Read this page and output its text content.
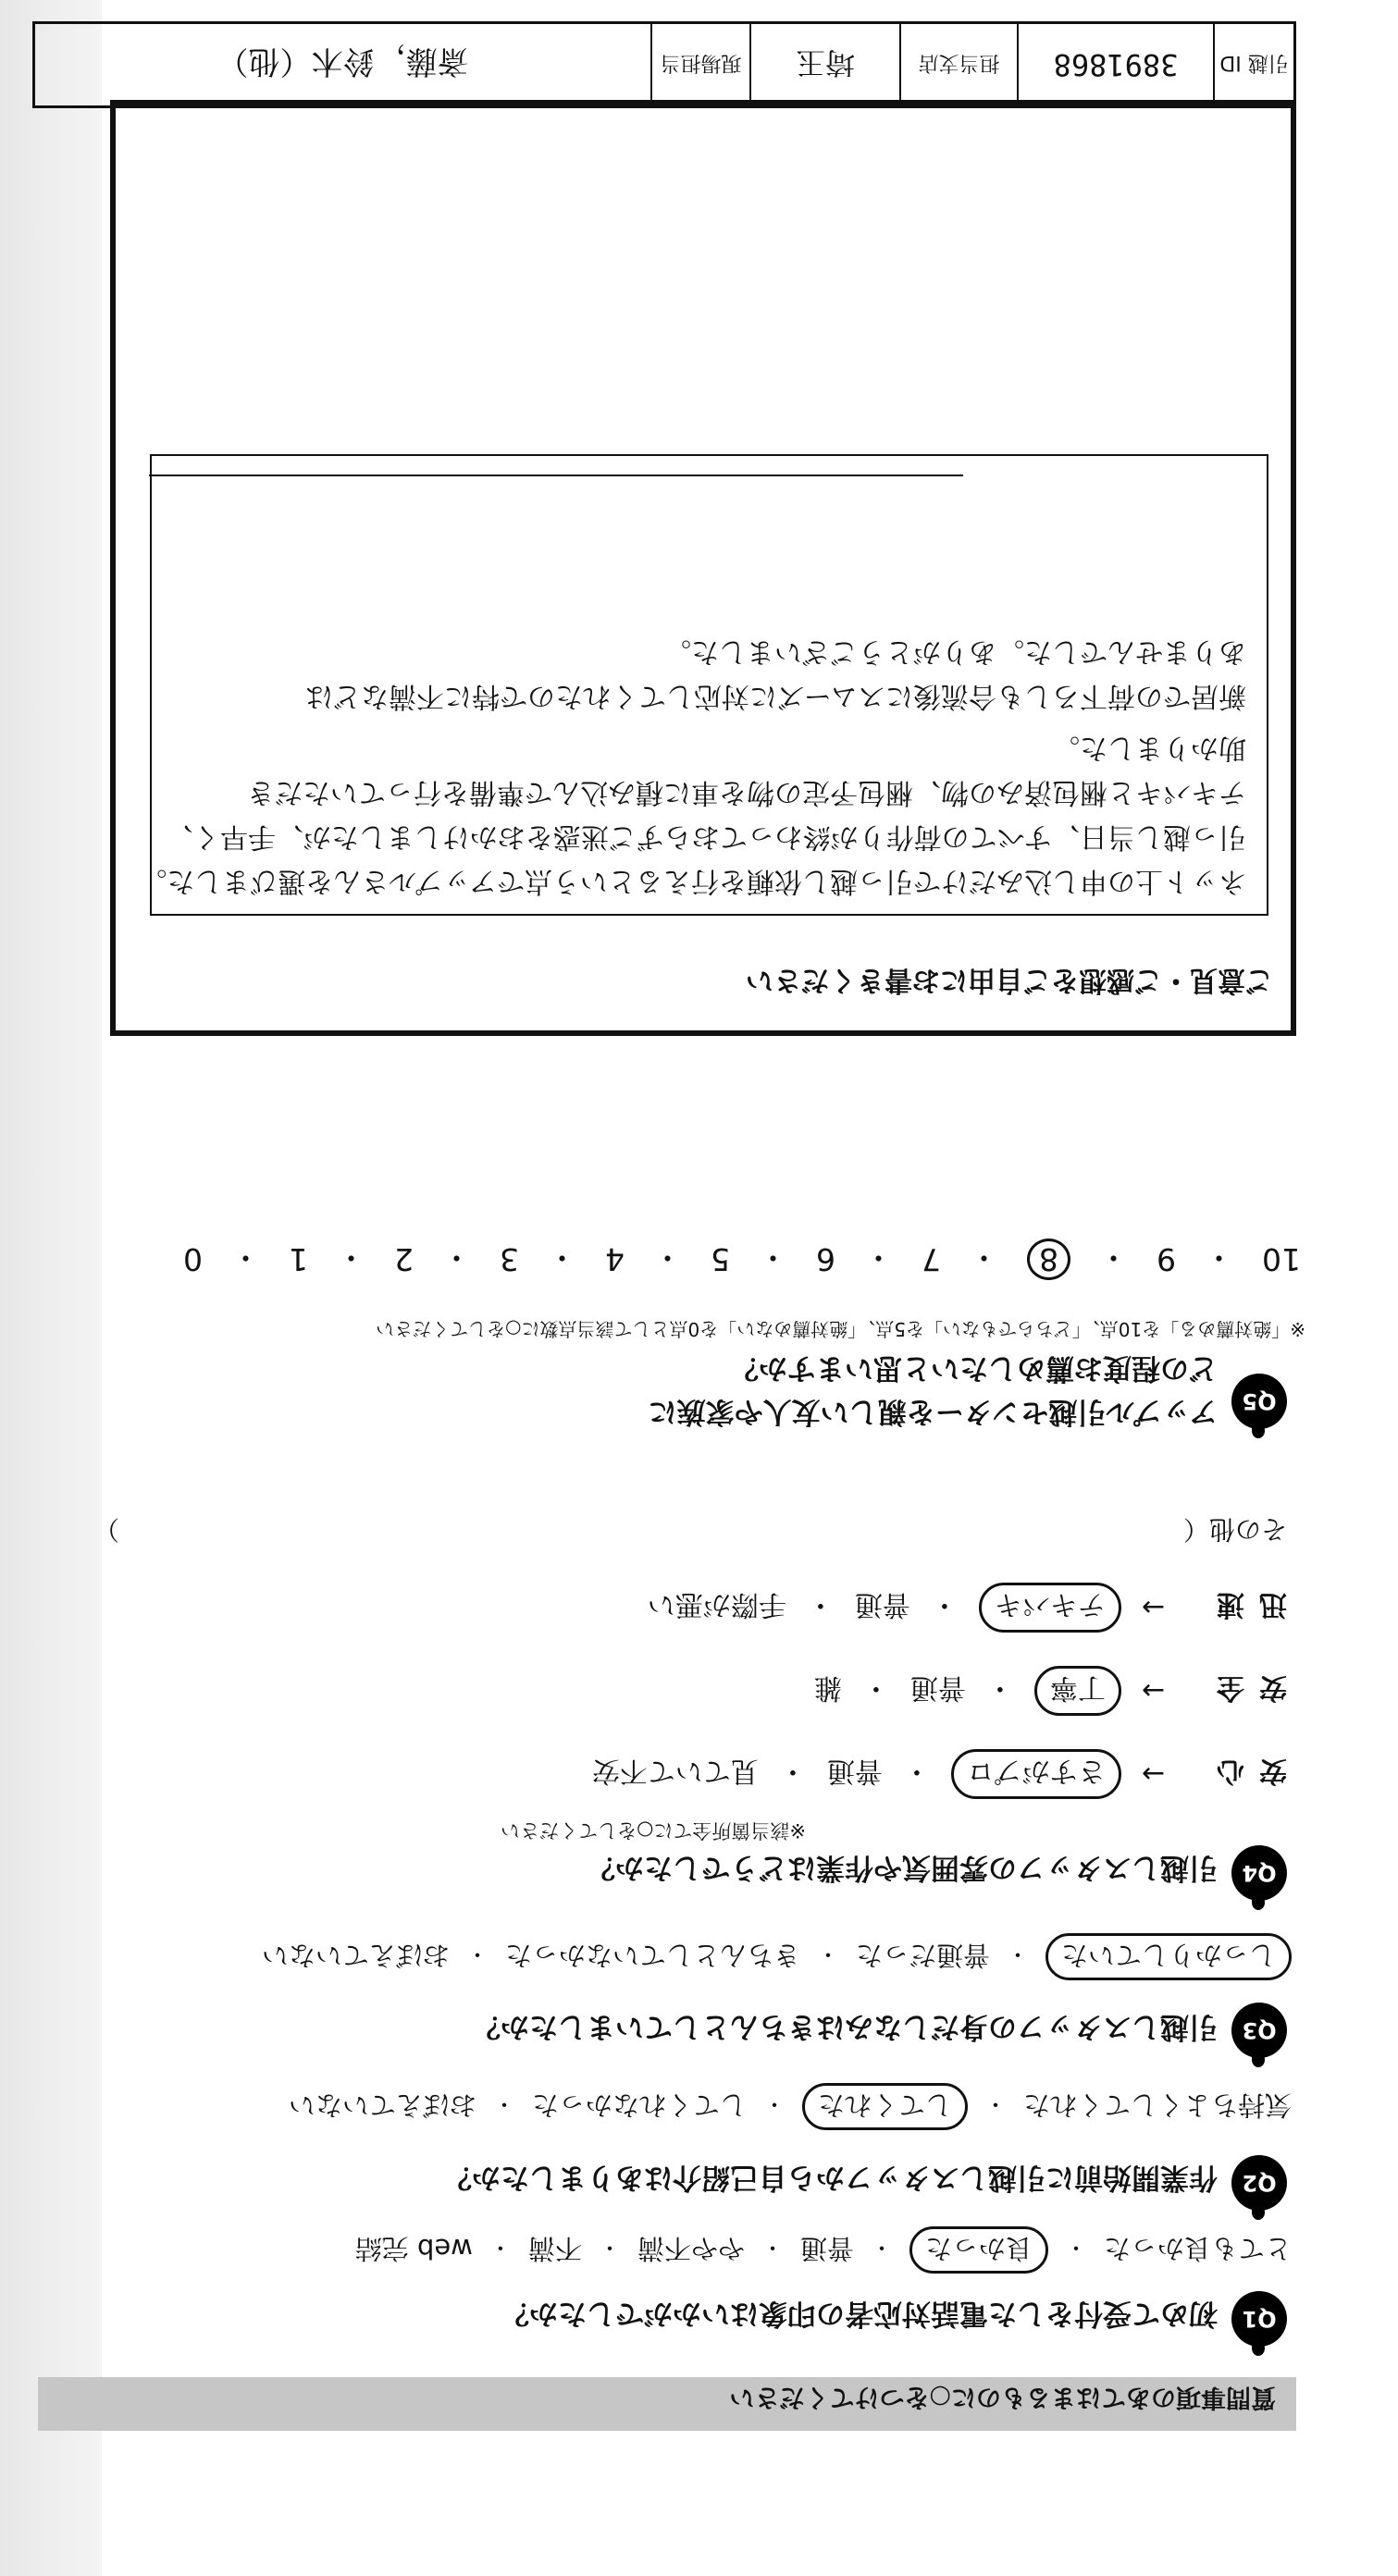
質問事項のあてはまるものに○をつけてください
Q1
初めて受付をした電話対応者の印象はいかがでしたか？
とても良かった
・
良かった
・
普通
・
やや不満
・
不満
・
web 完結
Q2
作業開始前に引越しスタッフから自己紹介はありましたか？
気持ちよくしてくれた
・
してくれた
・
してくれなかった
・
おぼえていない
Q3
引越しスタッフの身だしなみはきちんとしていましたか？
しっかりしていた
・
普通だった
・
きちんとしていなかった
・
おぼえていない
Q4
引越しスタッフの雰囲気や作業はどうでしたか？
※該当箇所全てに○をしてください
安心
→
さすがプロ
・
普通
・
見ていて不安
安全
→
丁寧
・
普通
・
雑
迅速
→
テキパキ
・
普通
・
手際が悪い
その他（
）
Q5
アップル引越センターを親しい友人や家族に
どの程度お薦めしたいと思いますか？
※「絶対薦める」を10点、「どちらでもない」を5点、「絶対薦めない」を0点として該当点数に○をしてください
10
・
9
・
8
・
7
・
6
・
5
・
4
・
3
・
2
・
1
・
0
ご意見・ご感想をご自由にお書きください
ネット上の申し込みだけで引っ越し依頼を行えるという点でアップルさんを選びました。
引っ越し当日、すべての荷作りが終わっておらずご迷惑をおかけしましたが、手早く、
テキパキと梱包済みの物、梱包予定の物を車に積み込んで準備を行っていただき
助かりました。
新居での荷下ろしも合流後にスムーズに対応してくれたので特に不満などは
ありませんでした。ありがとうございました。
引越 ID
3891868
担当支店
埼玉
現場担当
斎藤，鈴木（他）
